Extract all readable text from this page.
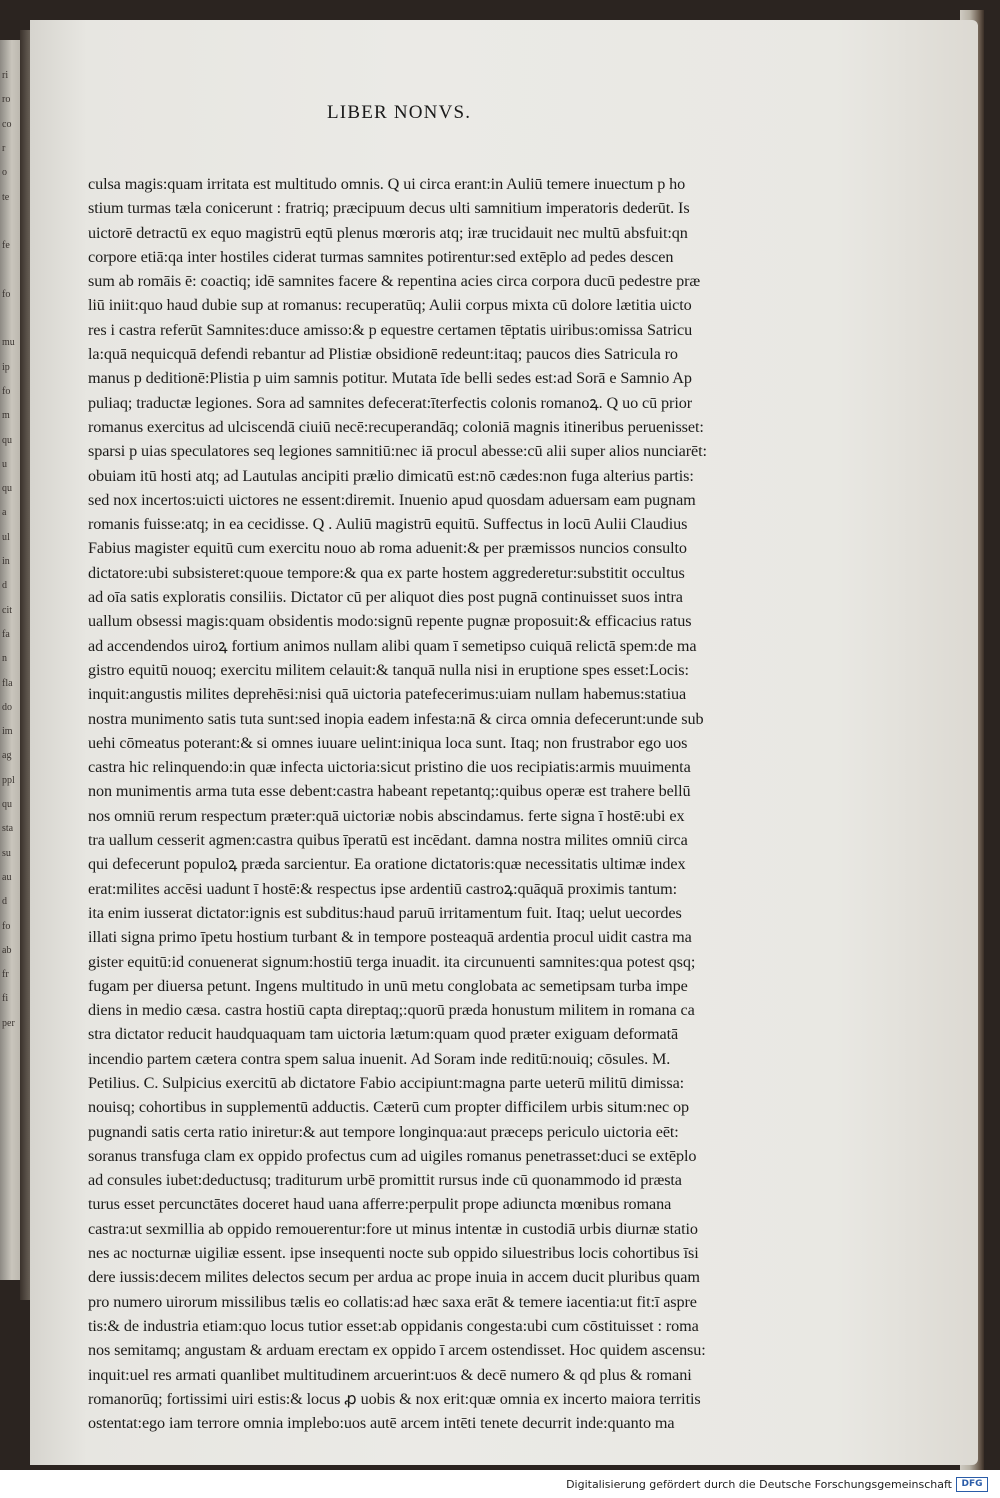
ri
ro
co
r
o
te
fe
fo
mu
ip
fo
m
qu
u
qu
a
ul
in
d
cit
fa
n
fla
do
im
ag
ppl
qu
sta
su
au
d
fo
ab
fr
fi
per
LIBER NONVS.
culsa magis:quam irritata est multitudo omnis. Q ui circa erant:in Auliū temere inuectum p ho
stium turmas tæla conicerunt : fratriq; præcipuum decus ulti samnitium imperatoris dederūt. Is
uictorē detractū ex equo magistrū eqtū plenus mœroris atq; iræ trucidauit nec multū absfuit:qn
corpore etiā:qa inter hostiles ciderat turmas samnites potirentur:sed extēplo ad pedes descen
sum ab romāis ē: coactiq; idē samnites facere & repentina acies circa corpora ducū pedestre præ
liū iniit:quo haud dubie sup at romanus: recuperatūq; Aulii corpus mixta cū dolore lætitia uicto
res i castra referūt Samnites:duce amisso:& p equestre certamen tēptatis uiribus:omissa Satricu
la:quā nequicquā defendi rebantur ad Plistiæ obsidionē redeunt:itaq; paucos dies Satricula ro
manus p deditionē:Plistia p uim samnis potitur. Mutata īde belli sedes est:ad Sorā e Samnio Ap
puliaq; traductæ legiones. Sora ad samnites defecerat:īterfectis colonis romanoꝝ. Q uo cū prior
romanus exercitus ad ulciscendā ciuiū necē:recuperandāq; coloniā magnis itineribus peruenisset:
sparsi p uias speculatores seq legiones samnitiū:nec iā procul abesse:cū alii super alios nunciarēt:
obuiam itū hosti atq; ad Lautulas ancipiti prælio dimicatū est:nō cædes:non fuga alterius partis:
sed nox incertos:uicti uictores ne essent:diremit. Inuenio apud quosdam aduersam eam pugnam
romanis fuisse:atq; in ea cecidisse. Q . Auliū magistrū equitū. Suffectus in locū Aulii Claudius
Fabius magister equitū cum exercitu nouo ab roma aduenit:& per præmissos nuncios consulto
dictatore:ubi subsisteret:quoue tempore:& qua ex parte hostem aggrederetur:substitit occultus
ad oīa satis exploratis consiliis. Dictator cū per aliquot dies post pugnā continuisset suos intra
uallum obsessi magis:quam obsidentis modo:signū repente pugnæ proposuit:& efficacius ratus
ad accendendos uiroꝝ fortium animos nullam alibi quam ī semetipso cuiquā relictā spem:de ma
gistro equitū nouoq; exercitu militem celauit:& tanquā nulla nisi in eruptione spes esset:Locis:
inquit:angustis milites deprehēsi:nisi quā uictoria patefecerimus:uiam nullam habemus:statiua
nostra munimento satis tuta sunt:sed inopia eadem infesta:nā & circa omnia defecerunt:unde sub
uehi cōmeatus poterant:& si omnes iuuare uelint:iniqua loca sunt. Itaq; non frustrabor ego uos
castra hic relinquendo:in quæ infecta uictoria:sicut pristino die uos recipiatis:armis muuimenta
non munimentis arma tuta esse debent:castra habeant repetantq;:quibus operæ est trahere bellū
nos omniū rerum respectum præter:quā uictoriæ nobis abscindamus. ferte signa ī hostē:ubi ex
tra uallum cesserit agmen:castra quibus īperatū est incēdant. damna nostra milites omniū circa
qui defecerunt populoꝝ præda sarcientur. Ea oratione dictatoris:quæ necessitatis ultimæ index
erat:milites accēsi uadunt ī hostē:& respectus ipse ardentiū castroꝝ:quāquā proximis tantum:
ita enim iusserat dictator:ignis est subditus:haud paruū irritamentum fuit. Itaq; uelut uecordes
illati signa primo īpetu hostium turbant & in tempore posteaquā ardentia procul uidit castra ma
gister equitū:id conuenerat signum:hostiū terga inuadit. ita circunuenti samnites:qua potest qsq;
fugam per diuersa petunt. Ingens multitudo in unū metu conglobata ac semetipsam turba impe
diens in medio cæsa. castra hostiū capta direptaq;:quorū præda honustum militem in romana ca
stra dictator reducit haudquaquam tam uictoria lætum:quam quod præter exiguam deformatā
incendio partem cætera contra spem salua inuenit. Ad Soram inde reditū:nouiq; cōsules. M.
Petilius. C. Sulpicius exercitū ab dictatore Fabio accipiunt:magna parte ueterū militū dimissa:
nouisq; cohortibus in supplementū adductis. Cæterū cum propter difficilem urbis situm:nec op
pugnandi satis certa ratio iniretur:& aut tempore longinqua:aut præceps periculo uictoria eēt:
soranus transfuga clam ex oppido profectus cum ad uigiles romanus penetrasset:duci se extēplo
ad consules iubet:deductusq; traditurum urbē promittit rursus inde cū quonammodo id præsta
turus esset percunctātes doceret haud uana afferre:perpulit prope adiuncta mœnibus romana
castra:ut sexmillia ab oppido remouerentur:fore ut minus intentæ in custodiā urbis diurnæ statio
nes ac nocturnæ uigiliæ essent. ipse insequenti nocte sub oppido siluestribus locis cohortibus īsi
dere iussis:decem milites delectos secum per ardua ac prope inuia in accem ducit pluribus quam
pro numero uirorum missilibus tælis eo collatis:ad hæc saxa erāt & temere iacentia:ut fit:ī aspre
tis:& de industria etiam:quo locus tutior esset:ab oppidanis congesta:ubi cum cōstituisset : roma
nos semitamq; angustam & arduam erectam ex oppido ī arcem ostendisset. Hoc quidem ascensu:
inquit:uel res armati quanlibet multitudinem arcuerint:uos & decē numero & qd plus & romani
romanorūq; fortissimi uiri estis:& locus ꝓ uobis & nox erit:quæ omnia ex incerto maiora territis
ostentat:ego iam terrore omnia implebo:uos autē arcem intēti tenete decurrit inde:quanto ma
Digitalisierung gefördert durch die Deutsche Forschungsgemeinschaft	DFG
